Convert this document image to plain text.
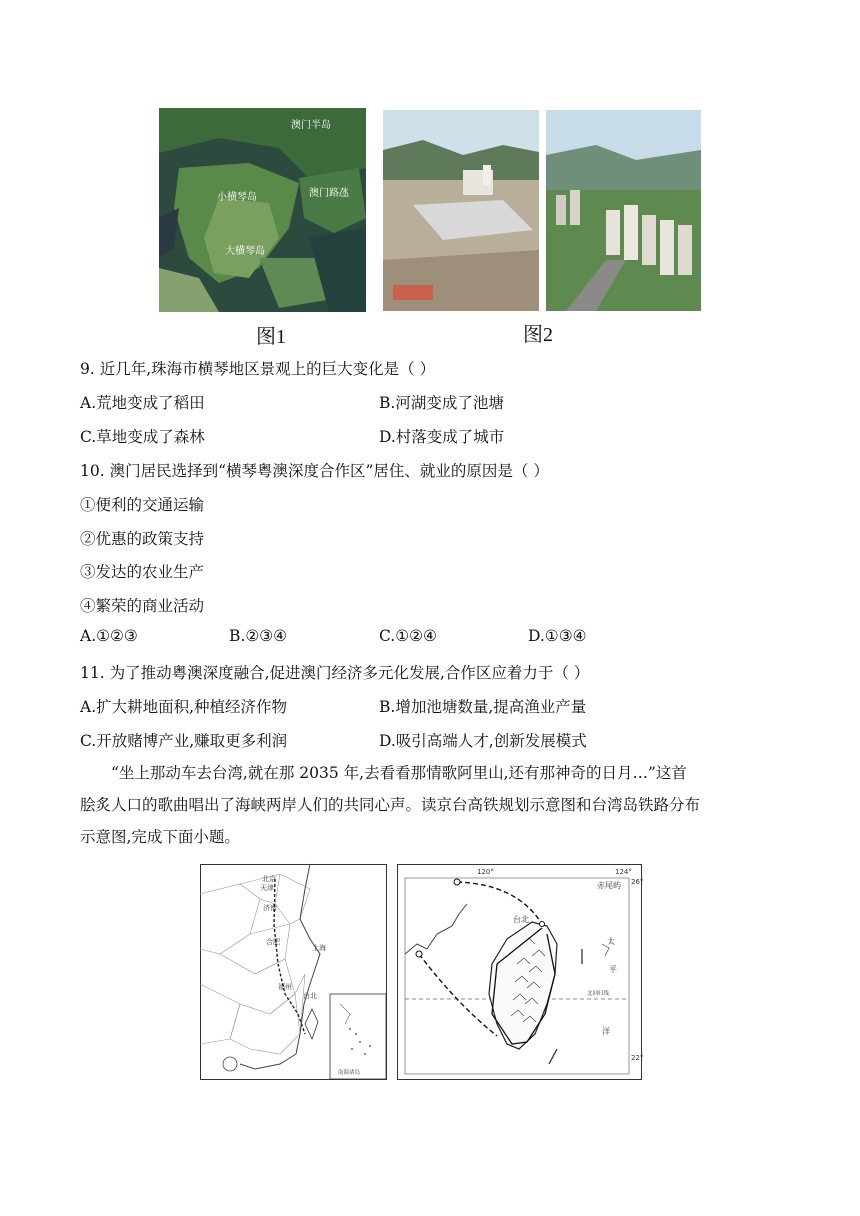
澳门半岛
小横琴岛	澳门路氹
大横琴岛
图1	图2
9. 近几年,珠海市横琴地区景观上的巨大变化是（ ）
A.荒地变成了稻田	B.河湖变成了池塘
C.草地变成了森林	D.村落变成了城市
10. 澳门居民选择到“横琴粤澳深度合作区”居住、就业的原因是（ ）
①便利的交通运输
②优惠的政策支持
③发达的农业生产
④繁荣的商业活动
A.①②③	B.②③④	C.①②④	D.①③④
11. 为了推动粤澳深度融合,促进澳门经济多元化发展,合作区应着力于（ ）
A.扩大耕地面积,种植经济作物	B.增加池塘数量,提高渔业产量
C.开放赌博产业,赚取更多利润	D.吸引高端人才,创新发展模式
“坐上那动车去台湾,就在那 2035 年,去看看那情歌阿里山,还有那神奇的日月…”这首
脍炙人口的歌曲唱出了海峡两岸人们的共同心声。读京台高铁规划示意图和台湾岛铁路分布
示意图,完成下面小题。
北京
天津
济南
上海
合肥
福州
台北
南海诸岛
120°	124°
26°
22°
北回归线
台北
太
平
洋
赤尾屿
